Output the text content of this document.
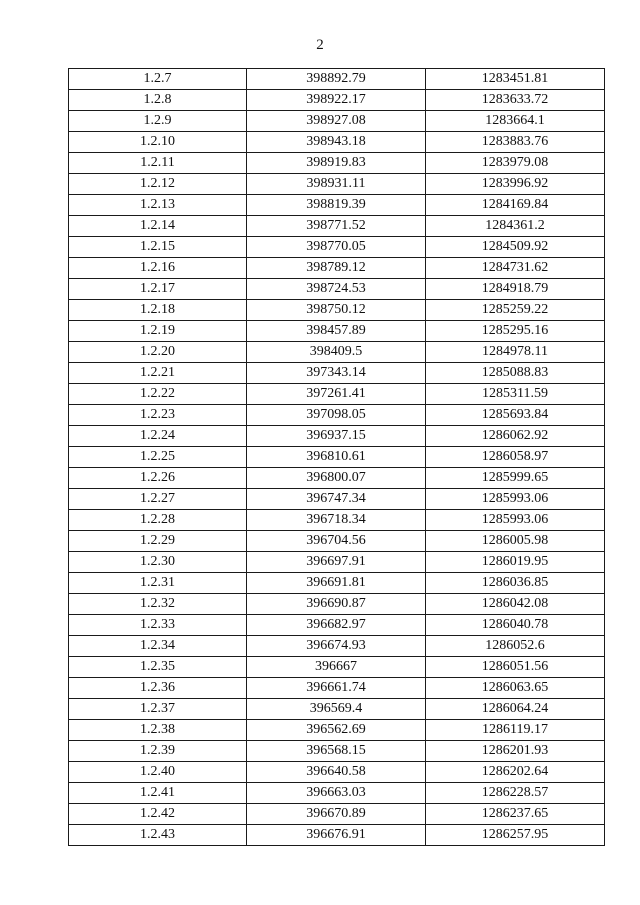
2
1.2.7	398892.79	1283451.81
1.2.8	398922.17	1283633.72
1.2.9	398927.08	1283664.1
1.2.10	398943.18	1283883.76
1.2.11	398919.83	1283979.08
1.2.12	398931.11	1283996.92
1.2.13	398819.39	1284169.84
1.2.14	398771.52	1284361.2
1.2.15	398770.05	1284509.92
1.2.16	398789.12	1284731.62
1.2.17	398724.53	1284918.79
1.2.18	398750.12	1285259.22
1.2.19	398457.89	1285295.16
1.2.20	398409.5	1284978.11
1.2.21	397343.14	1285088.83
1.2.22	397261.41	1285311.59
1.2.23	397098.05	1285693.84
1.2.24	396937.15	1286062.92
1.2.25	396810.61	1286058.97
1.2.26	396800.07	1285999.65
1.2.27	396747.34	1285993.06
1.2.28	396718.34	1285993.06
1.2.29	396704.56	1286005.98
1.2.30	396697.91	1286019.95
1.2.31	396691.81	1286036.85
1.2.32	396690.87	1286042.08
1.2.33	396682.97	1286040.78
1.2.34	396674.93	1286052.6
1.2.35	396667	1286051.56
1.2.36	396661.74	1286063.65
1.2.37	396569.4	1286064.24
1.2.38	396562.69	1286119.17
1.2.39	396568.15	1286201.93
1.2.40	396640.58	1286202.64
1.2.41	396663.03	1286228.57
1.2.42	396670.89	1286237.65
1.2.43	396676.91	1286257.95
